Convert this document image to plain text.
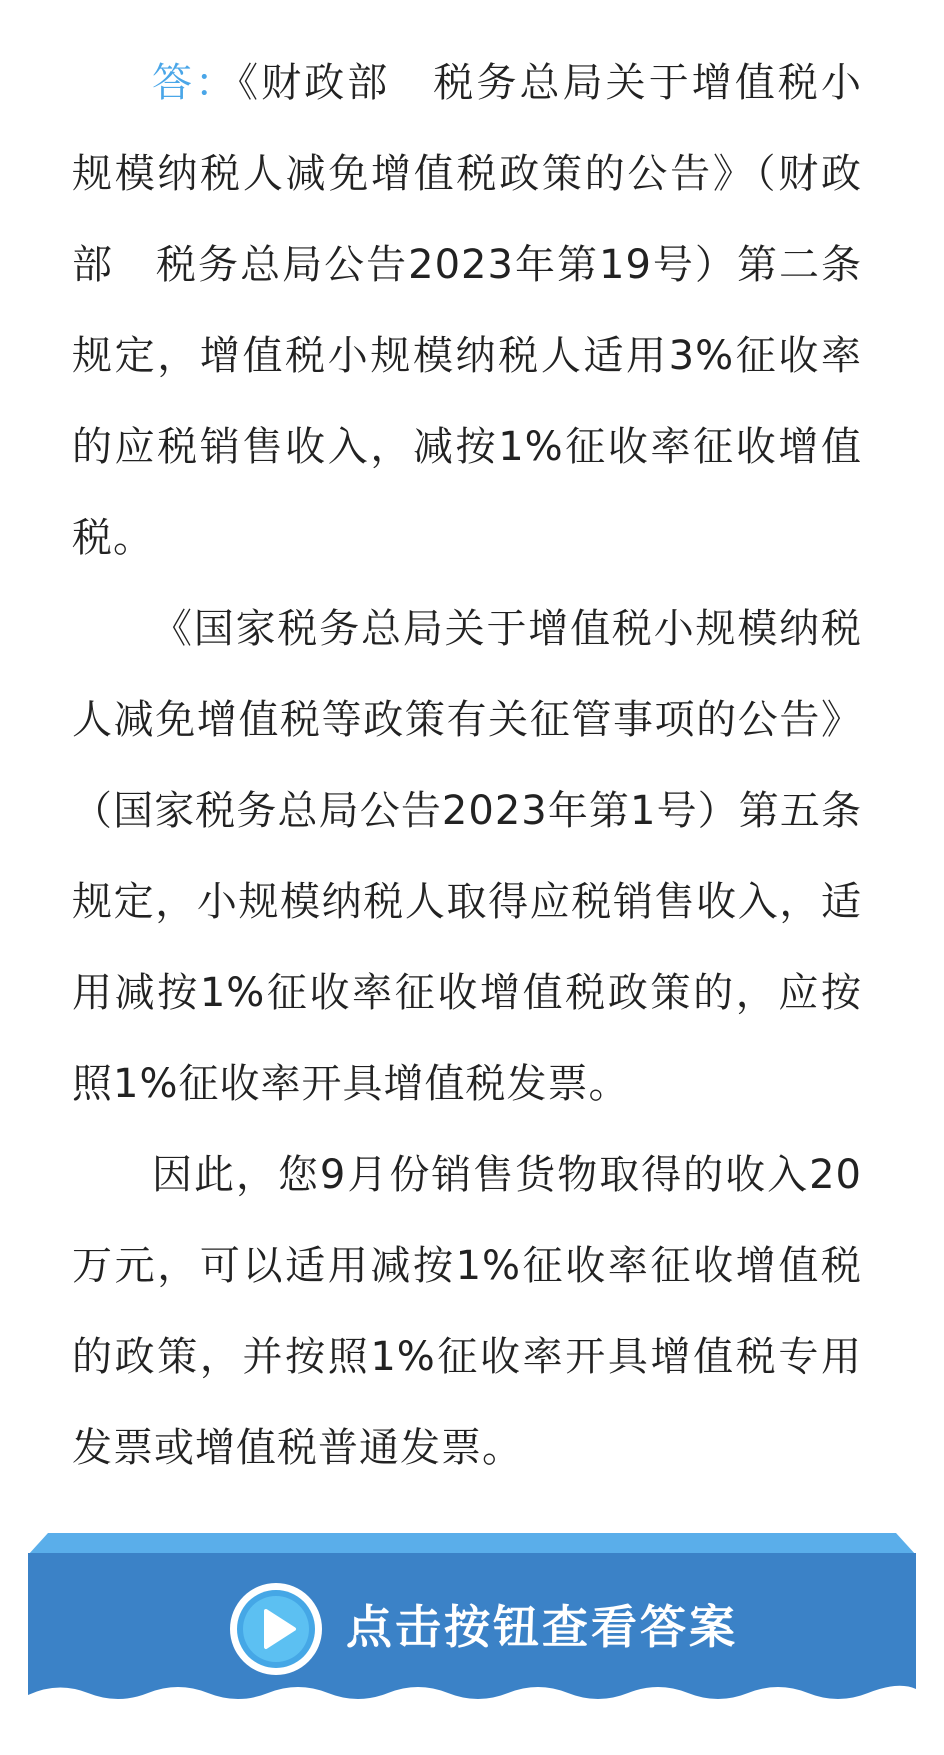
答：《财政部　税务总局关于增值税小规模纳税人减免增值税政策的公告》（财政部　税务总局公告2023年第19号）第二条规定，增值税小规模纳税人适用3%征收率的应税销售收入，减按1%征收率征收增值税。

《国家税务总局关于增值税小规模纳税人减免增值税等政策有关征管事项的公告》（国家税务总局公告2023年第1号）第五条规定，小规模纳税人取得应税销售收入，适用减按1%征收率征收增值税政策的，应按照1%征收率开具增值税发票。

因此，您9月份销售货物取得的收入20万元，可以适用减按1%征收率征收增值税的政策，并按照1%征收率开具增值税专用发票或增值税普通发票。

点击按钮查看答案
